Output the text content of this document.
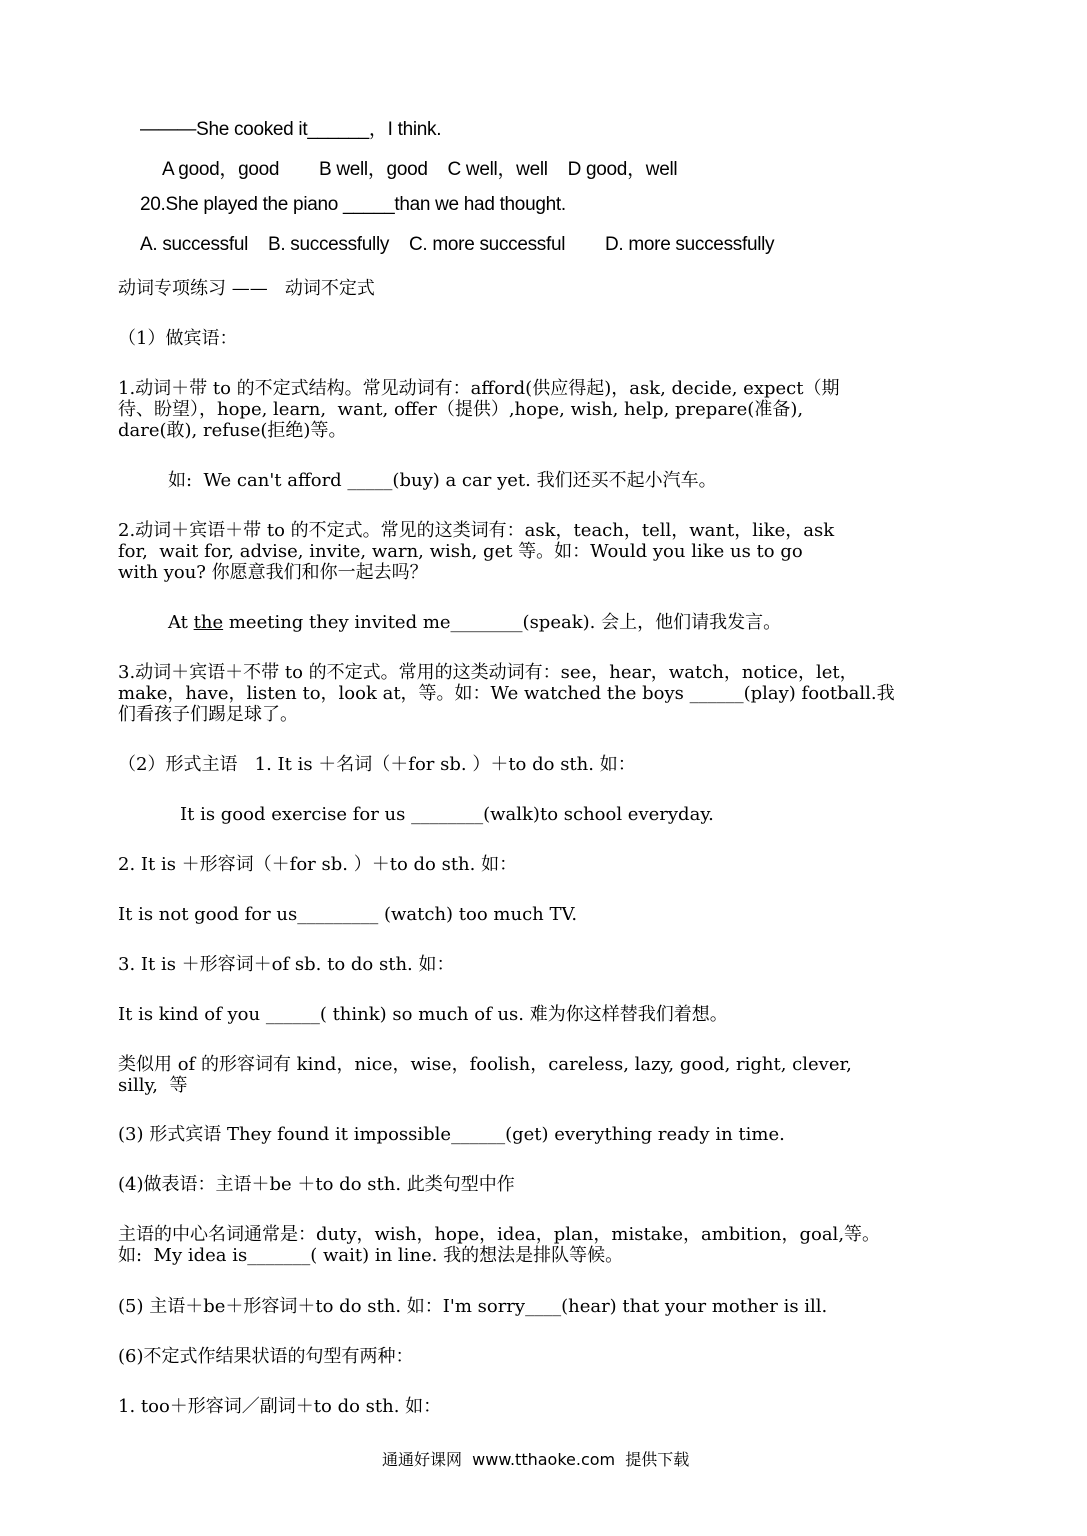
———She cooked it______，I think.

A good，good        B well，good    C well，well    D good，well

20.She played the piano _____than we had thought.

A. successful    B. successfully    C. more successful        D. more successfully

动词专项练习 ——   动词不定式

（1）做宾语：

1.动词＋带 to 的不定式结构。常见动词有：afford(供应得起)，ask, decide, expect（期

待、盼望），hope, learn,  want, offer（提供）,hope, wish, help, prepare(准备),

dare(敢), refuse(拒绝)等。

如:  We can't afford _____(buy) a car yet. 我们还买不起小汽车。

2.动词＋宾语＋带 to 的不定式。常见的这类词有：ask，teach，tell，want，like，ask

for,  wait for, advise, invite, warn, wish, get 等。如：Would you like us to go

with you? 你愿意我们和你一起去吗？

At the meeting they invited me________(speak). 会上，他们请我发言。

3.动词＋宾语＋不带 to 的不定式。常用的这类动词有：see，hear，watch，notice，let，

make，have，listen to，look at，等。如：We watched the boys ______(play) football.我

们看孩子们踢足球了。

（2）形式主语   1. It is ＋名词（＋for sb. ）＋to do sth. 如：

It is good exercise for us ________(walk)to school everyday.

2. It is ＋形容词（＋for sb. ）＋to do sth. 如：

It is not good for us_________ (watch) too much TV.

3. It is ＋形容词＋of sb. to do sth. 如：

It is kind of you ______( think) so much of us. 难为你这样替我们着想。

类似用 of 的形容词有 kind，nice，wise，foolish，careless, lazy, good, right, clever,

silly,  等

(3) 形式宾语 They found it impossible______(get) everything ready in time.

(4)做表语：主语＋be ＋to do sth. 此类句型中作

主语的中心名词通常是：duty，wish，hope，idea，plan，mistake，ambition，goal,等。

如:  My idea is_______( wait) in line. 我的想法是排队等候。

(5) 主语＋be＋形容词＋to do sth. 如：I'm sorry____(hear) that your mother is ill.

(6)不定式作结果状语的句型有两种：

1. too＋形容词／副词＋to do sth. 如：

通通好课网  www.tthaoke.com  提供下载
